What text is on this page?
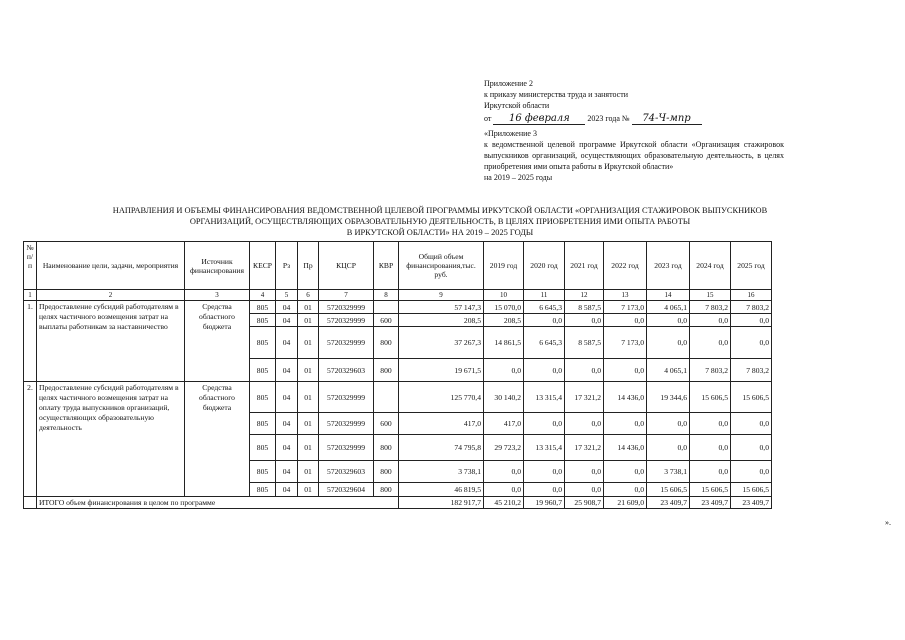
Приложение 2
к приказу министерства труда и занятости
Иркутской области
от 16 февраля 2023 года № 74-Ч-мпр
«Приложение 3
к ведомственной целевой программе Иркутской области «Организация стажировок выпускников организаций, осуществляющих образовательную деятельность, в целях приобретения ими опыта работы в Иркутской области»
на 2019 – 2025 годы
НАПРАВЛЕНИЯ И ОБЪЕМЫ ФИНАНСИРОВАНИЯ ВЕДОМСТВЕННОЙ ЦЕЛЕВОЙ ПРОГРАММЫ ИРКУТСКОЙ ОБЛАСТИ «ОРГАНИЗАЦИЯ СТАЖИРОВОК ВЫПУСКНИКОВ
ОРГАНИЗАЦИЙ, ОСУЩЕСТВЛЯЮЩИХ ОБРАЗОВАТЕЛЬНУЮ ДЕЯТЕЛЬНОСТЬ, В ЦЕЛЯХ ПРИОБРЕТЕНИЯ ИМИ ОПЫТА РАБОТЫ
В ИРКУТСКОЙ ОБЛАСТИ» НА 2019 – 2025 ГОДЫ
№ п/п	Наименование цели, задачи, мероприятия	Источник финансирования	КЕСР	Рз	Пр	КЦСР	КВР	Общий объем финансирования,тыс. руб.	2019 год	2020 год	2021 год	2022 год	2023 год	2024 год	2025 год
1	2	3	4	5	6	7	8	9	10	11	12	13	14	15	16
1.	Предоставление субсидий работодателям в целях частичного возмещения затрат на выплаты работникам за наставничество	Средства областного бюджета	805	04	01	5720329999		57 147,3	15 070,0	6 645,3	8 587,5	7 173,0	4 065,1	7 803,2	7 803,2
			805	04	01	5720329999	600	208,5	208,5	0,0	0,0	0,0	0,0	0,0	0,0
			805	04	01	5720329999	800	37 267,3	14 861,5	6 645,3	8 587,5	7 173,0	0,0	0,0	0,0
			805	04	01	5720329603	800	19 671,5	0,0	0,0	0,0	0,0	4 065,1	7 803,2	7 803,2
2.	Предоставление субсидий работодателям в целях частичного возмещения затрат на оплату труда выпускников организаций, осуществляющих образовательную деятельность	Средства областного бюджета	805	04	01	5720329999		125 770,4	30 140,2	13 315,4	17 321,2	14 436,0	19 344,6	15 606,5	15 606,5
			805	04	01	5720329999	600	417,0	417,0	0,0	0,0	0,0	0,0	0,0	0,0
			805	04	01	5720329999	800	74 795,8	29 723,2	13 315,4	17 321,2	14 436,0	0,0	0,0	0,0
			805	04	01	5720329603	800	3 738,1	0,0	0,0	0,0	0,0	3 738,1	0,0	0,0
			805	04	01	5720329604	800	46 819,5	0,0	0,0	0,0	0,0	15 606,5	15 606,5	15 606,5
	ИТОГО объем финансирования в целом по программе							182 917,7	45 210,2	19 960,7	25 908,7	21 609,0	23 409,7	23 409,7	23 409,7
».
